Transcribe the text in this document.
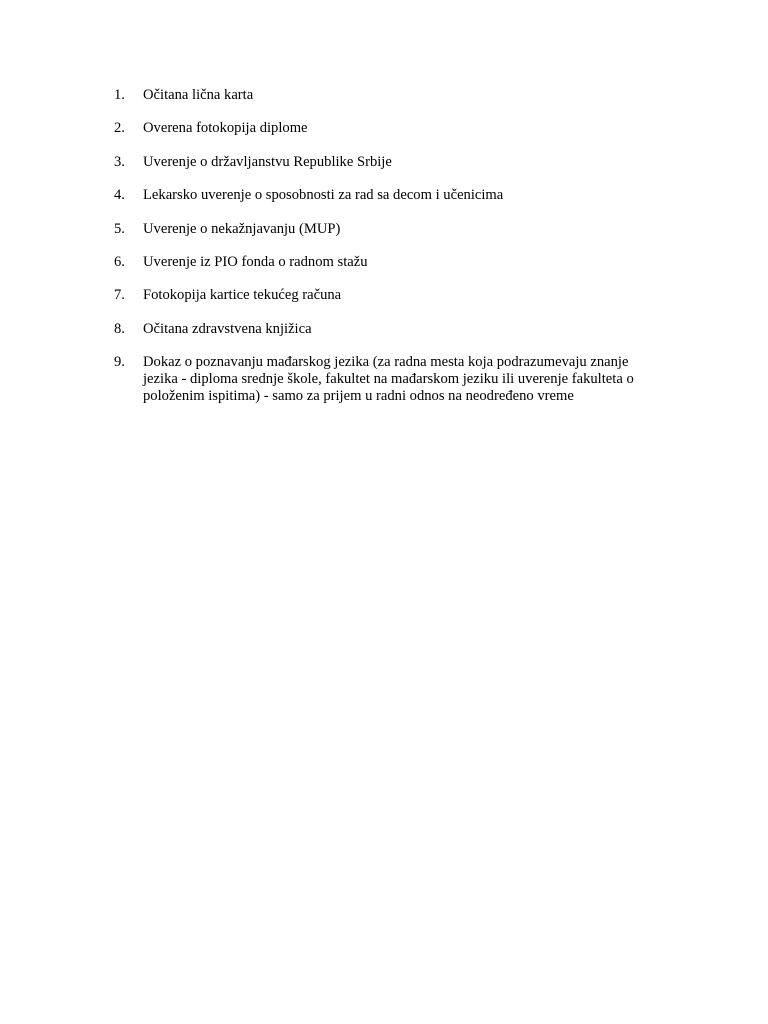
1.	Očitana lična karta
2.	Overena fotokopija diplome
3.	Uverenje o državljanstvu Republike Srbije
4.	Lekarsko uverenje o sposobnosti za rad sa decom i učenicima
5.	Uverenje o nekažnjavanju (MUP)
6.	Uverenje iz PIO fonda o radnom stažu
7.	Fotokopija kartice tekućeg računa
8.	Očitana zdravstvena knjižica
9.	Dokaz o poznavanju mađarskog jezika (za radna mesta koja podrazumevaju znanje jezika - diploma srednje škole, fakultet na mađarskom jeziku ili uverenje fakulteta o položenim ispitima) - samo za prijem u radni odnos na neodređeno vreme
